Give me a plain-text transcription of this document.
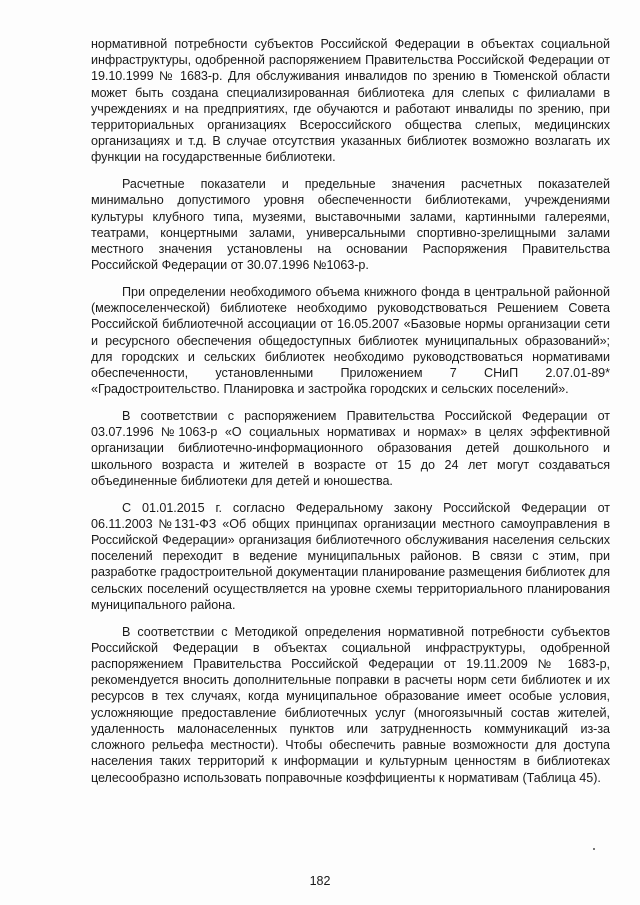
нормативной потребности субъектов Российской Федерации в объектах социальной инфраструктуры, одобренной распоряжением Правительства Российской Федерации от 19.10.1999 № 1683-р. Для обслуживания инвалидов по зрению в Тюменской области может быть создана специализированная библиотека для слепых с филиалами в учреждениях и на предприятиях, где обучаются и работают инвалиды по зрению, при территориальных организациях Всероссийского общества слепых, медицинских организациях и т.д. В случае отсутствия указанных библиотек возможно возлагать их функции на государственные библиотеки.

Расчетные показатели и предельные значения расчетных показателей минимально допустимого уровня обеспеченности библиотеками, учреждениями культуры клубного типа, музеями, выставочными залами, картинными галереями, театрами, концертными залами, универсальными спортивно-зрелищными залами местного значения установлены на основании Распоряжения Правительства Российской Федерации от 30.07.1996 №1063-р.

При определении необходимого объема книжного фонда в центральной районной (межпоселенческой) библиотеке необходимо руководствоваться Решением Совета Российской библиотечной ассоциации от 16.05.2007 «Базовые нормы организации сети и ресурсного обеспечения общедоступных библиотек муниципальных образований»; для городских и сельских библиотек необходимо руководствоваться нормативами обеспеченности, установленными Приложением 7 СНиП 2.07.01-89* «Градостроительство. Планировка и застройка городских и сельских поселений».

В соответствии с распоряжением Правительства Российской Федерации от 03.07.1996 №1063-р «О социальных нормативах и нормах» в целях эффективной организации библиотечно-информационного образования детей дошкольного и школьного возраста и жителей в возрасте от 15 до 24 лет могут создаваться объединенные библиотеки для детей и юношества.

С 01.01.2015 г. согласно Федеральному закону Российской Федерации от 06.11.2003 №131-ФЗ «Об общих принципах организации местного самоуправления в Российской Федерации» организация библиотечного обслуживания населения сельских поселений переходит в ведение муниципальных районов. В связи с этим, при разработке градостроительной документации планирование размещения библиотек для сельских поселений осуществляется на уровне схемы территориального планирования муниципального района.

В соответствии с Методикой определения нормативной потребности субъектов Российской Федерации в объектах социальной инфраструктуры, одобренной распоряжением Правительства Российской Федерации от 19.11.2009 № 1683-р, рекомендуется вносить дополнительные поправки в расчеты норм сети библиотек и их ресурсов в тех случаях, когда муниципальное образование имеет особые условия, усложняющие предоставление библиотечных услуг (многоязычный состав жителей, удаленность малонаселенных пунктов или затрудненность коммуникаций из-за сложного рельефа местности). Чтобы обеспечить равные возможности для доступа населения таких территорий к информации и культурным ценностям в библиотеках целесообразно использовать поправочные коэффициенты к нормативам (Таблица 45).

182
